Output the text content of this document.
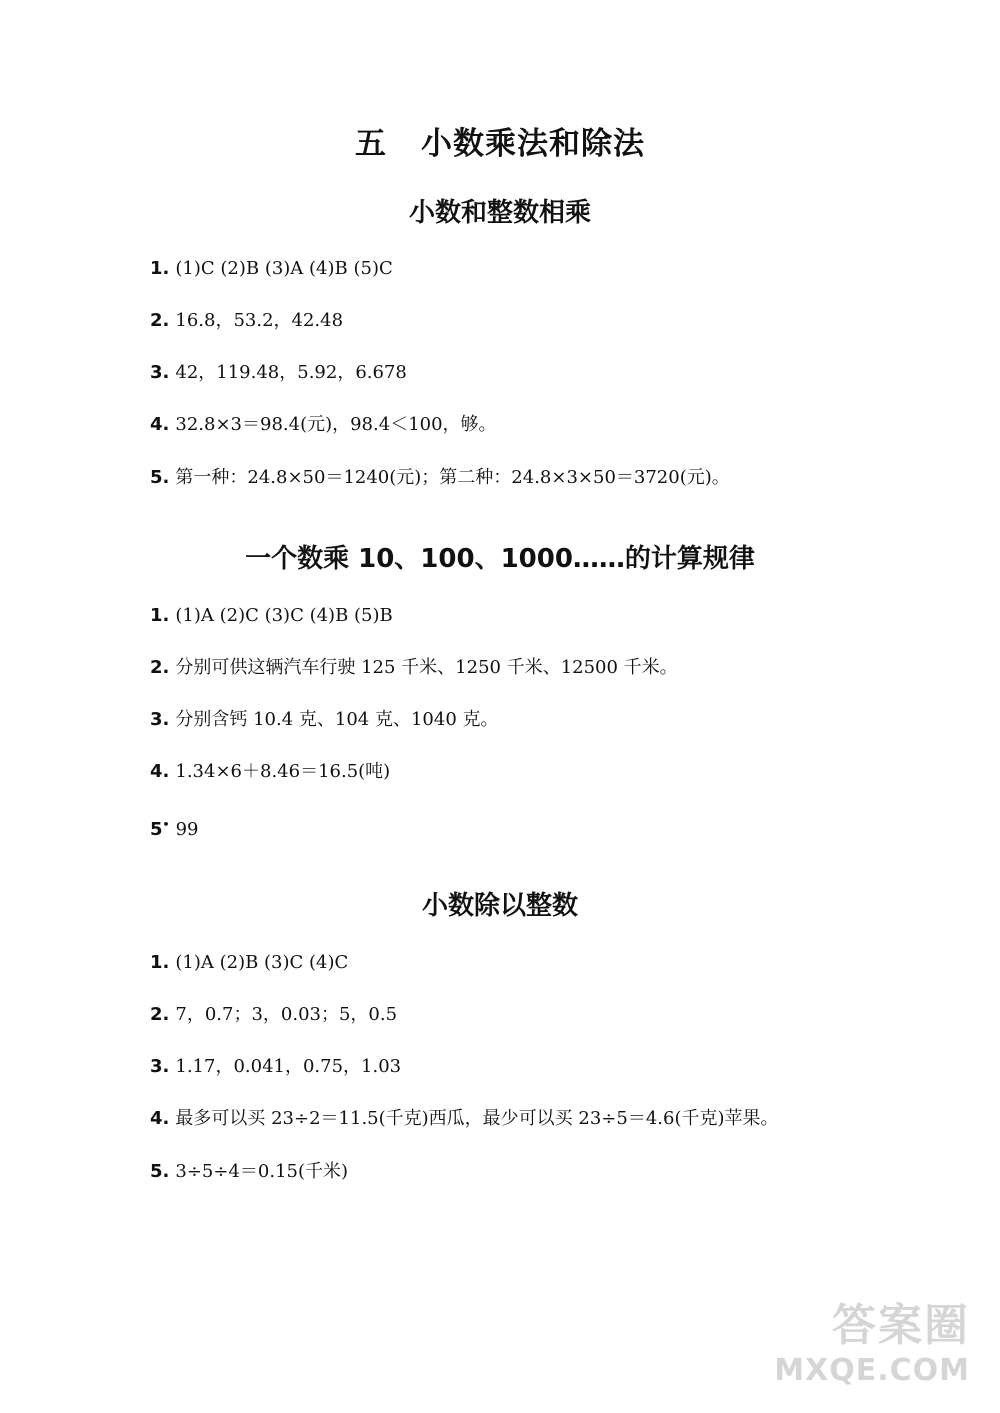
五 小数乘法和除法
小数和整数相乘
1. (1)C (2)B (3)A (4)B (5)C
2. 16.8，53.2，42.48
3. 42，119.48，5.92，6.678
4. 32.8×3＝98.4(元)，98.4＜100，够。
5. 第一种：24.8×50＝1240(元)；第二种：24.8×3×50＝3720(元)。
一个数乘 10、100、1000……的计算规律
1. (1)A (2)C (3)C (4)B (5)B
2. 分别可供这辆汽车行驶 125 千米、1250 千米、12500 千米。
3. 分别含钙 10.4 克、104 克、1040 克。
4. 1.34×6＋8.46＝16.5(吨)
5• 99
小数除以整数
1. (1)A (2)B (3)C (4)C
2. 7，0.7；3，0.03；5，0.5
3. 1.17，0.041，0.75，1.03
4. 最多可以买 23÷2＝11.5(千克)西瓜，最少可以买 23÷5＝4.6(千克)苹果。
5. 3÷5÷4＝0.15(千米)
答案圈
MXQE.COM
